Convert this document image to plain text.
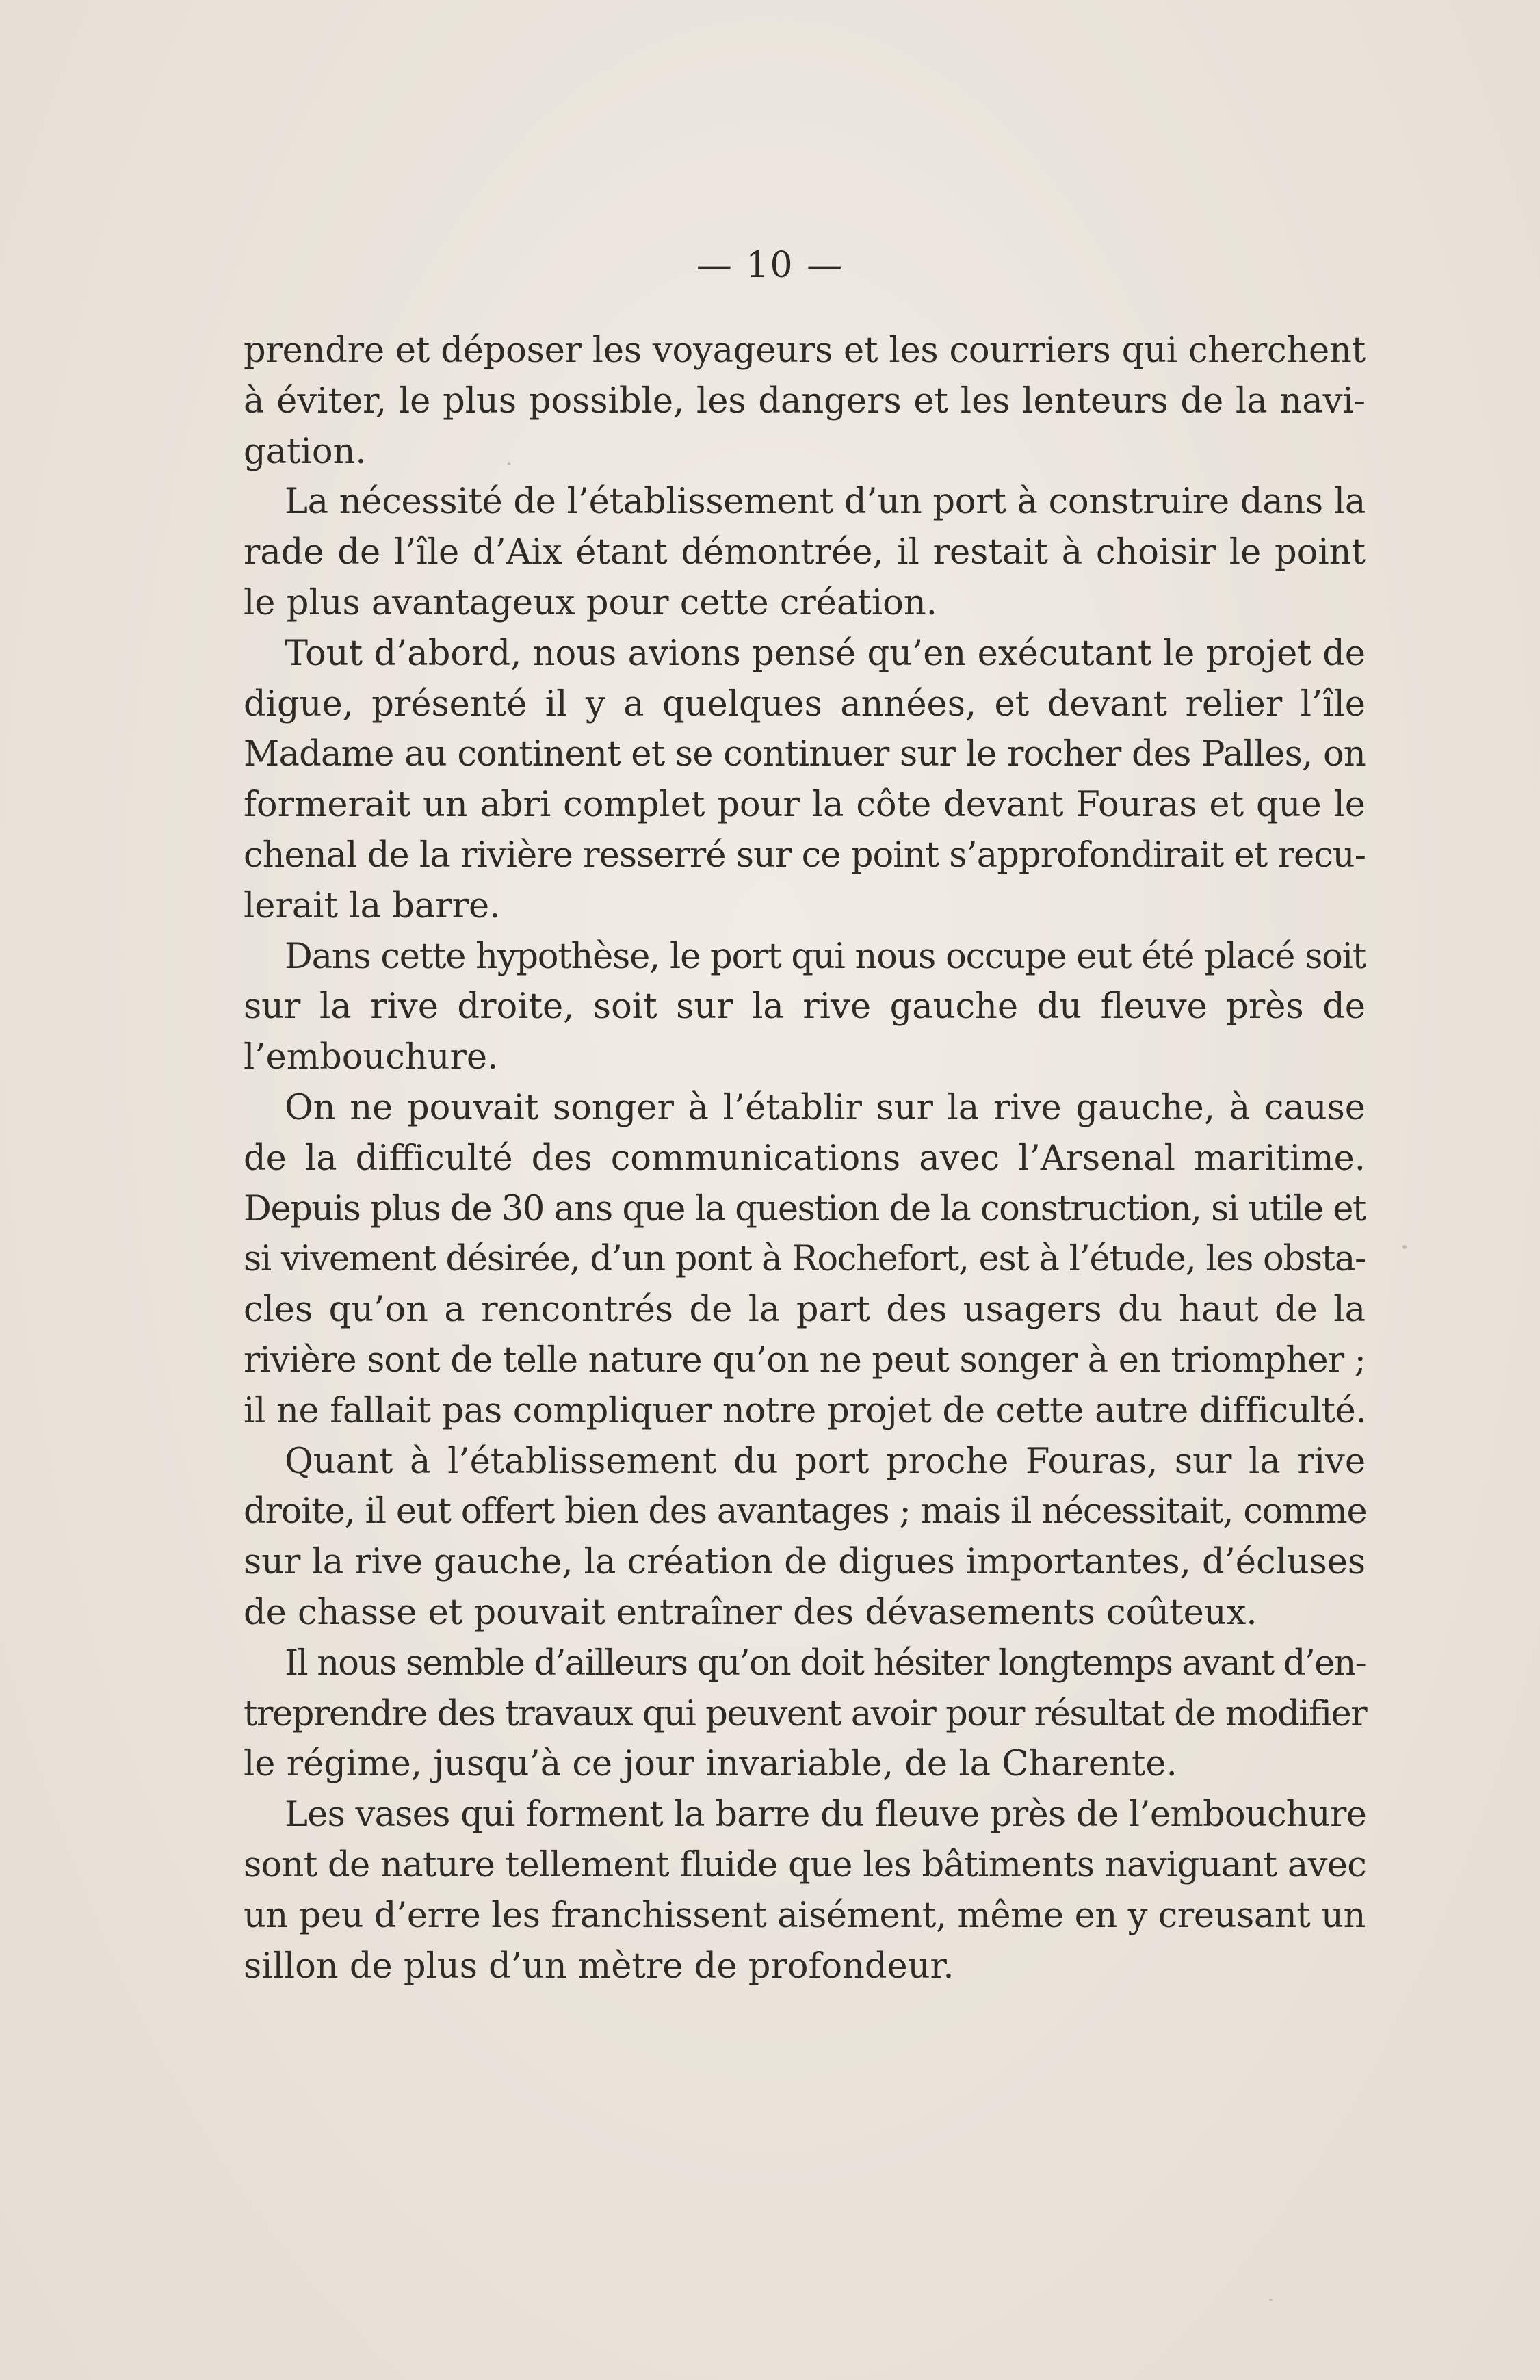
— 10 —
prendre et déposer les voyageurs et les courriers qui cherchent
à éviter, le plus possible, les dangers et les lenteurs de la navi-
gation.
La nécessité de l’établissement d’un port à construire dans la
rade de l’île d’Aix étant démontrée, il restait à choisir le point
le plus avantageux pour cette création.
Tout d’abord, nous avions pensé qu’en exécutant le projet de
digue, présenté il y a quelques années, et devant relier l’île
Madame au continent et se continuer sur le rocher des Palles, on
formerait un abri complet pour la côte devant Fouras et que le
chenal de la rivière resserré sur ce point s’approfondirait et recu-
lerait la barre.
Dans cette hypothèse, le port qui nous occupe eut été placé soit
sur la rive droite, soit sur la rive gauche du fleuve près de
l’embouchure.
On ne pouvait songer à l’établir sur la rive gauche, à cause
de la difficulté des communications avec l’Arsenal maritime.
Depuis plus de 30 ans que la question de la construction, si utile et
si vivement désirée, d’un pont à Rochefort, est à l’étude, les obsta-
cles qu’on a rencontrés de la part des usagers du haut de la
rivière sont de telle nature qu’on ne peut songer à en triompher ;
il ne fallait pas compliquer notre projet de cette autre difficulté.
Quant à l’établissement du port proche Fouras, sur la rive
droite, il eut offert bien des avantages ; mais il nécessitait, comme
sur la rive gauche, la création de digues importantes, d’écluses
de chasse et pouvait entraîner des dévasements coûteux.
Il nous semble d’ailleurs qu’on doit hésiter longtemps avant d’en-
treprendre des travaux qui peuvent avoir pour résultat de modifier
le régime, jusqu’à ce jour invariable, de la Charente.
Les vases qui forment la barre du fleuve près de l’embouchure
sont de nature tellement fluide que les bâtiments naviguant avec
un peu d’erre les franchissent aisément, même en y creusant un
sillon de plus d’un mètre de profondeur.
